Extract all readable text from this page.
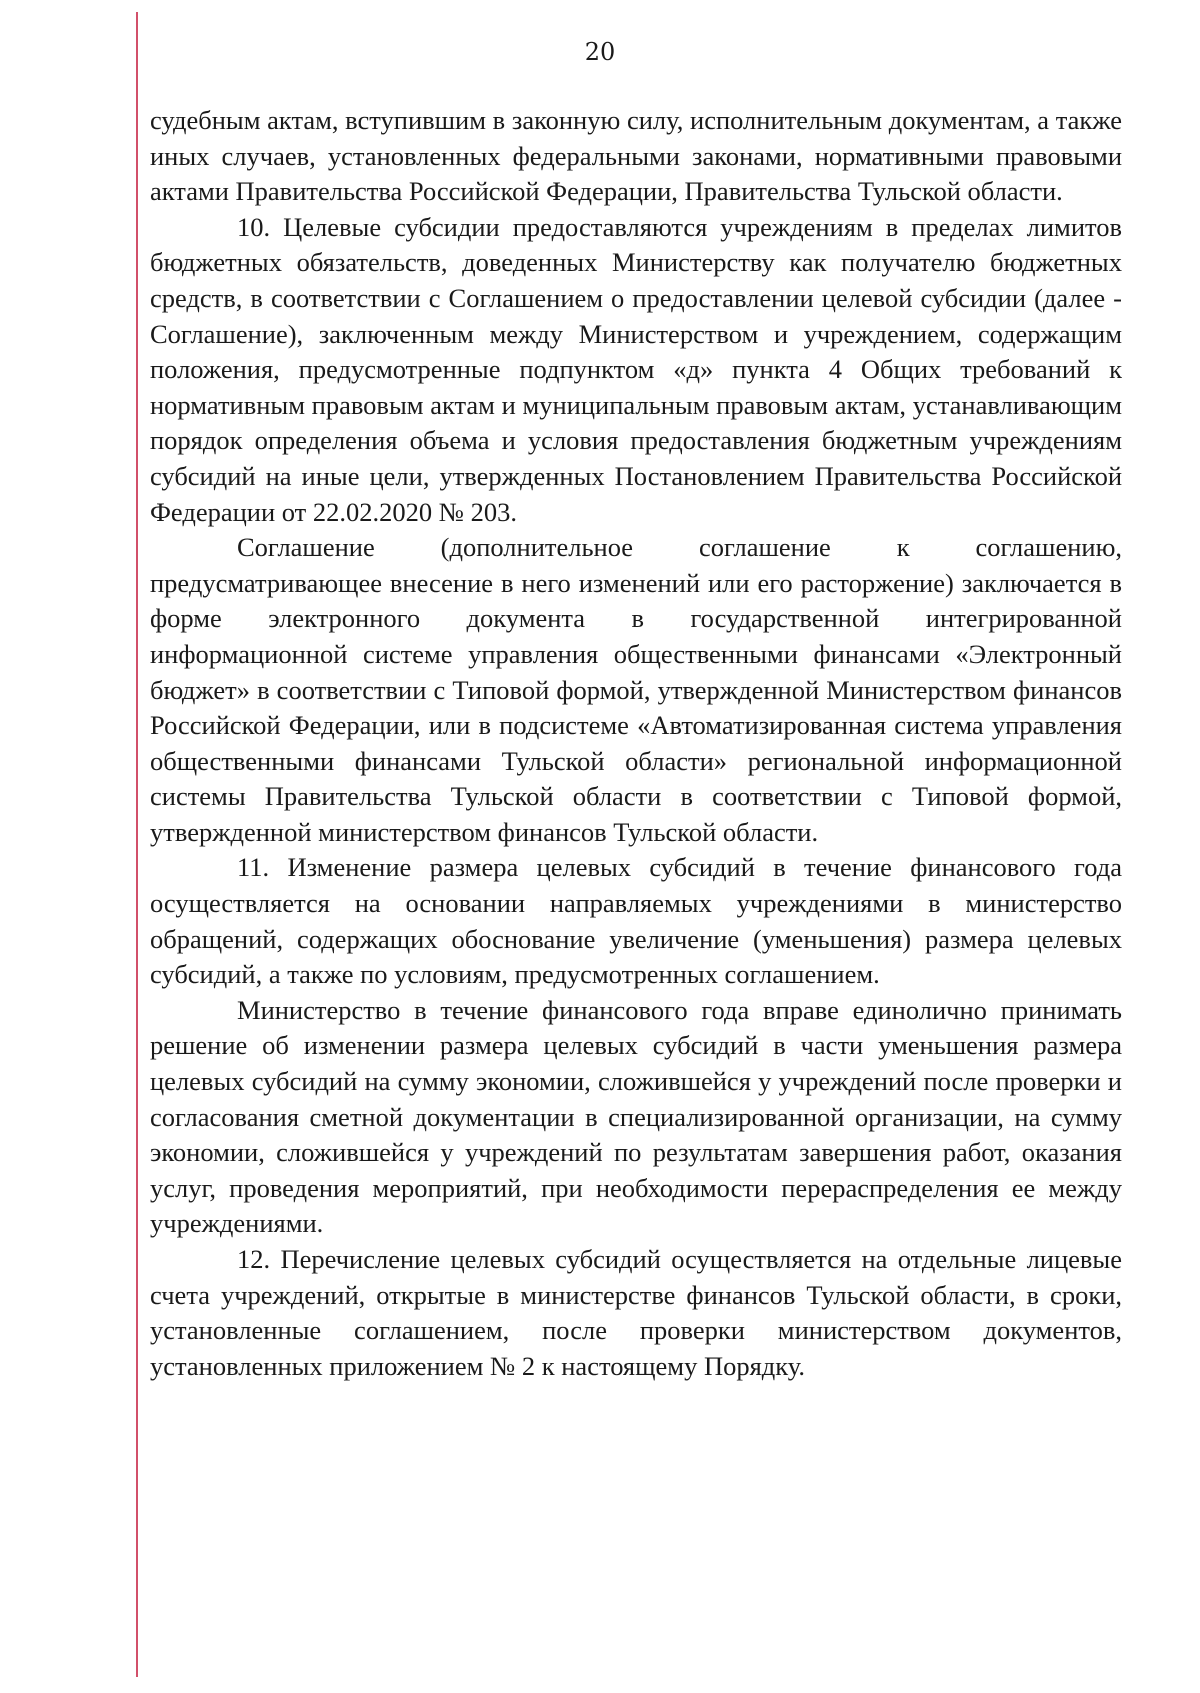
20

судебным актам, вступившим в законную силу, исполнительным документам, а также иных случаев, установленных федеральными законами, нормативными правовыми актами Правительства Российской Федерации, Правительства Тульской области.

10. Целевые субсидии предоставляются учреждениям в пределах лимитов бюджетных обязательств, доведенных Министерству как получателю бюджетных средств, в соответствии с Соглашением о предоставлении целевой субсидии (далее - Соглашение), заключенным между Министерством и учреждением, содержащим положения, предусмотренные подпунктом «д» пункта 4 Общих требований к нормативным правовым актам и муниципальным правовым актам, устанавливающим порядок определения объема и условия предоставления бюджетным учреждениям субсидий на иные цели, утвержденных Постановлением Правительства Российской Федерации от 22.02.2020 № 203.

Соглашение (дополнительное соглашение к соглашению, предусматривающее внесение в него изменений или его расторжение) заключается в форме электронного документа в государственной интегрированной информационной системе управления общественными финансами «Электронный бюджет» в соответствии с Типовой формой, утвержденной Министерством финансов Российской Федерации, или в подсистеме «Автоматизированная система управления общественными финансами Тульской области» региональной информационной системы Правительства Тульской области в соответствии с Типовой формой, утвержденной министерством финансов Тульской области.

11. Изменение размера целевых субсидий в течение финансового года осуществляется на основании направляемых учреждениями в министерство обращений, содержащих обоснование увеличение (уменьшения) размера целевых субсидий, а также по условиям, предусмотренных соглашением.

Министерство в течение финансового года вправе единолично принимать решение об изменении размера целевых субсидий в части уменьшения размера целевых субсидий на сумму экономии, сложившейся у учреждений после проверки и согласования сметной документации в специализированной организации, на сумму экономии, сложившейся у учреждений по результатам завершения работ, оказания услуг, проведения мероприятий, при необходимости перераспределения ее между учреждениями.

12. Перечисление целевых субсидий осуществляется на отдельные лицевые счета учреждений, открытые в министерстве финансов Тульской области, в сроки, установленные соглашением, после проверки министерством документов, установленных приложением № 2 к настоящему Порядку.
